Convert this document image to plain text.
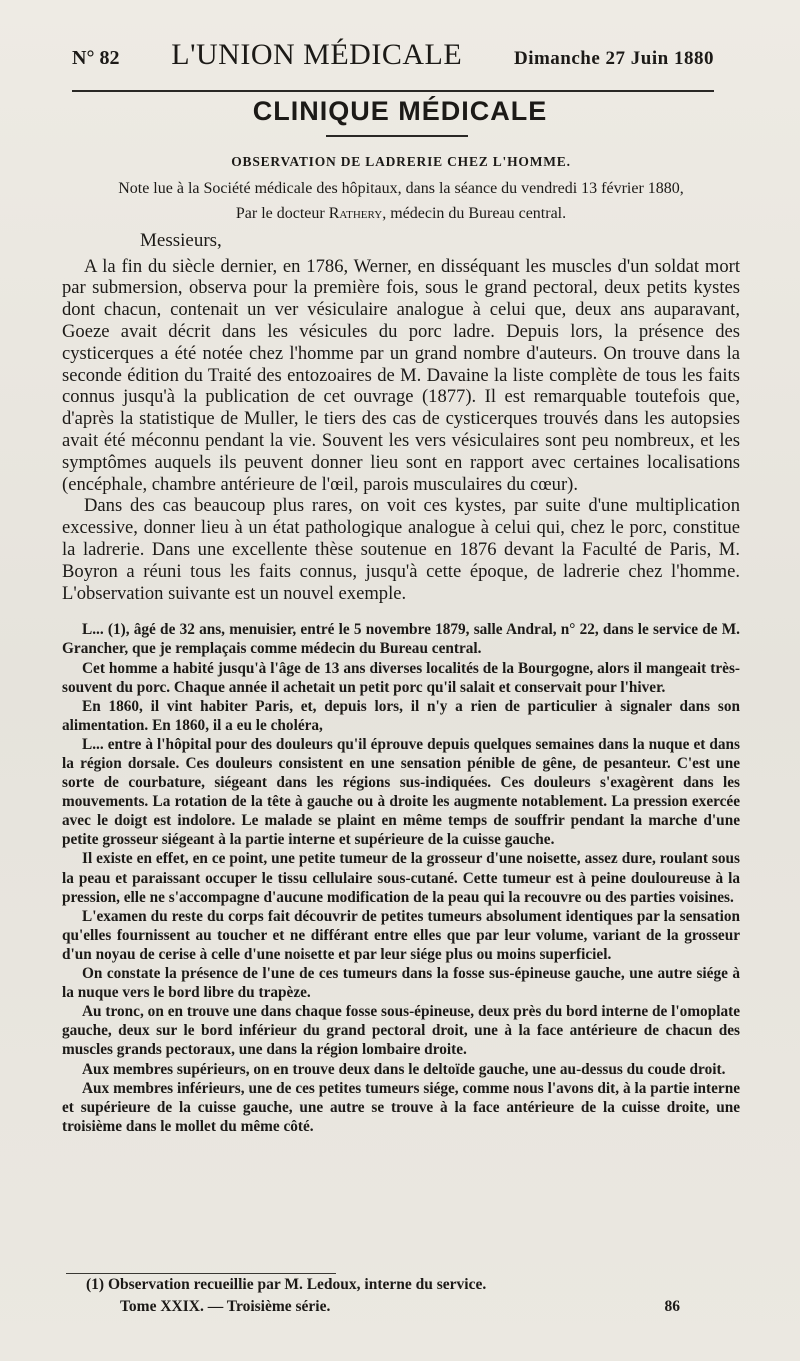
N° 82 L'UNION MÉDICALE	Dimanche 27 Juin 1880
CLINIQUE MÉDICALE

OBSERVATION DE LADRERIE CHEZ L'HOMME.

Note lue à la Société médicale des hôpitaux, dans la séance du vendredi 13 février 1880,

Par le docteur Rathery, médecin du Bureau central.

Messieurs,

A la fin du siècle dernier, en 1786, Werner, en disséquant les muscles d'un soldat mort par submersion, observa pour la première fois, sous le grand pectoral, deux petits kystes dont chacun, contenait un ver vésiculaire analogue à celui que, deux ans auparavant, Goeze avait décrit dans les vésicules du porc ladre. Depuis lors, la présence des cysticerques a été notée chez l'homme par un grand nombre d'auteurs. On trouve dans la seconde édition du Traité des entozoaires de M. Davaine la liste complète de tous les faits connus jusqu'à la publication de cet ouvrage (1877). Il est remarquable toutefois que, d'après la statistique de Muller, le tiers des cas de cysticerques trouvés dans les autopsies avait été méconnu pendant la vie. Souvent les vers vésiculaires sont peu nombreux, et les symptômes auquels ils peuvent donner lieu sont en rapport avec certaines localisations (encéphale, chambre antérieure de l'œil, parois musculaires du cœur).

Dans des cas beaucoup plus rares, on voit ces kystes, par suite d'une multiplication excessive, donner lieu à un état pathologique analogue à celui qui, chez le porc, constitue la ladrerie. Dans une excellente thèse soutenue en 1876 devant la Faculté de Paris, M. Boyron a réuni tous les faits connus, jusqu'à cette époque, de ladrerie chez l'homme. L'observation suivante est un nouvel exemple.

L... (1), âgé de 32 ans, menuisier, entré le 5 novembre 1879, salle Andral, n° 22, dans le service de M. Grancher, que je remplaçais comme médecin du Bureau central.

Cet homme a habité jusqu'à l'âge de 13 ans diverses localités de la Bourgogne, alors il mangeait très-souvent du porc. Chaque année il achetait un petit porc qu'il salait et conservait pour l'hiver.

En 1860, il vint habiter Paris, et, depuis lors, il n'y a rien de particulier à signaler dans son alimentation. En 1860, il a eu le choléra,

L... entre à l'hôpital pour des douleurs qu'il éprouve depuis quelques semaines dans la nuque et dans la région dorsale. Ces douleurs consistent en une sensation pénible de gêne, de pesanteur. C'est une sorte de courbature, siégeant dans les régions sus-indiquées. Ces douleurs s'exagèrent dans les mouvements. La rotation de la tête à gauche ou à droite les augmente notablement. La pression exercée avec le doigt est indolore. Le malade se plaint en même temps de souffrir pendant la marche d'une petite grosseur siégeant à la partie interne et supérieure de la cuisse gauche.

Il existe en effet, en ce point, une petite tumeur de la grosseur d'une noisette, assez dure, roulant sous la peau et paraissant occuper le tissu cellulaire sous-cutané. Cette tumeur est à peine douloureuse à la pression, elle ne s'accompagne d'aucune modification de la peau qui la recouvre ou des parties voisines.

L'examen du reste du corps fait découvrir de petites tumeurs absolument identiques par la sensation qu'elles fournissent au toucher et ne différant entre elles que par leur volume, variant de la grosseur d'un noyau de cerise à celle d'une noisette et par leur siége plus ou moins superficiel.

On constate la présence de l'une de ces tumeurs dans la fosse sus-épineuse gauche, une autre siége à la nuque vers le bord libre du trapèze.

Au tronc, on en trouve une dans chaque fosse sous-épineuse, deux près du bord interne de l'omoplate gauche, deux sur le bord inférieur du grand pectoral droit, une à la face antérieure de chacun des muscles grands pectoraux, une dans la région lombaire droite.

Aux membres supérieurs, on en trouve deux dans le deltoïde gauche, une au-dessus du coude droit.

Aux membres inférieurs, une de ces petites tumeurs siége, comme nous l'avons dit, à la partie interne et supérieure de la cuisse gauche, une autre se trouve à la face antérieure de la cuisse droite, une troisième dans le mollet du même côté.

(1) Observation recueillie par M. Ledoux, interne du service.
Tome XXIX. — Troisième série.	86
